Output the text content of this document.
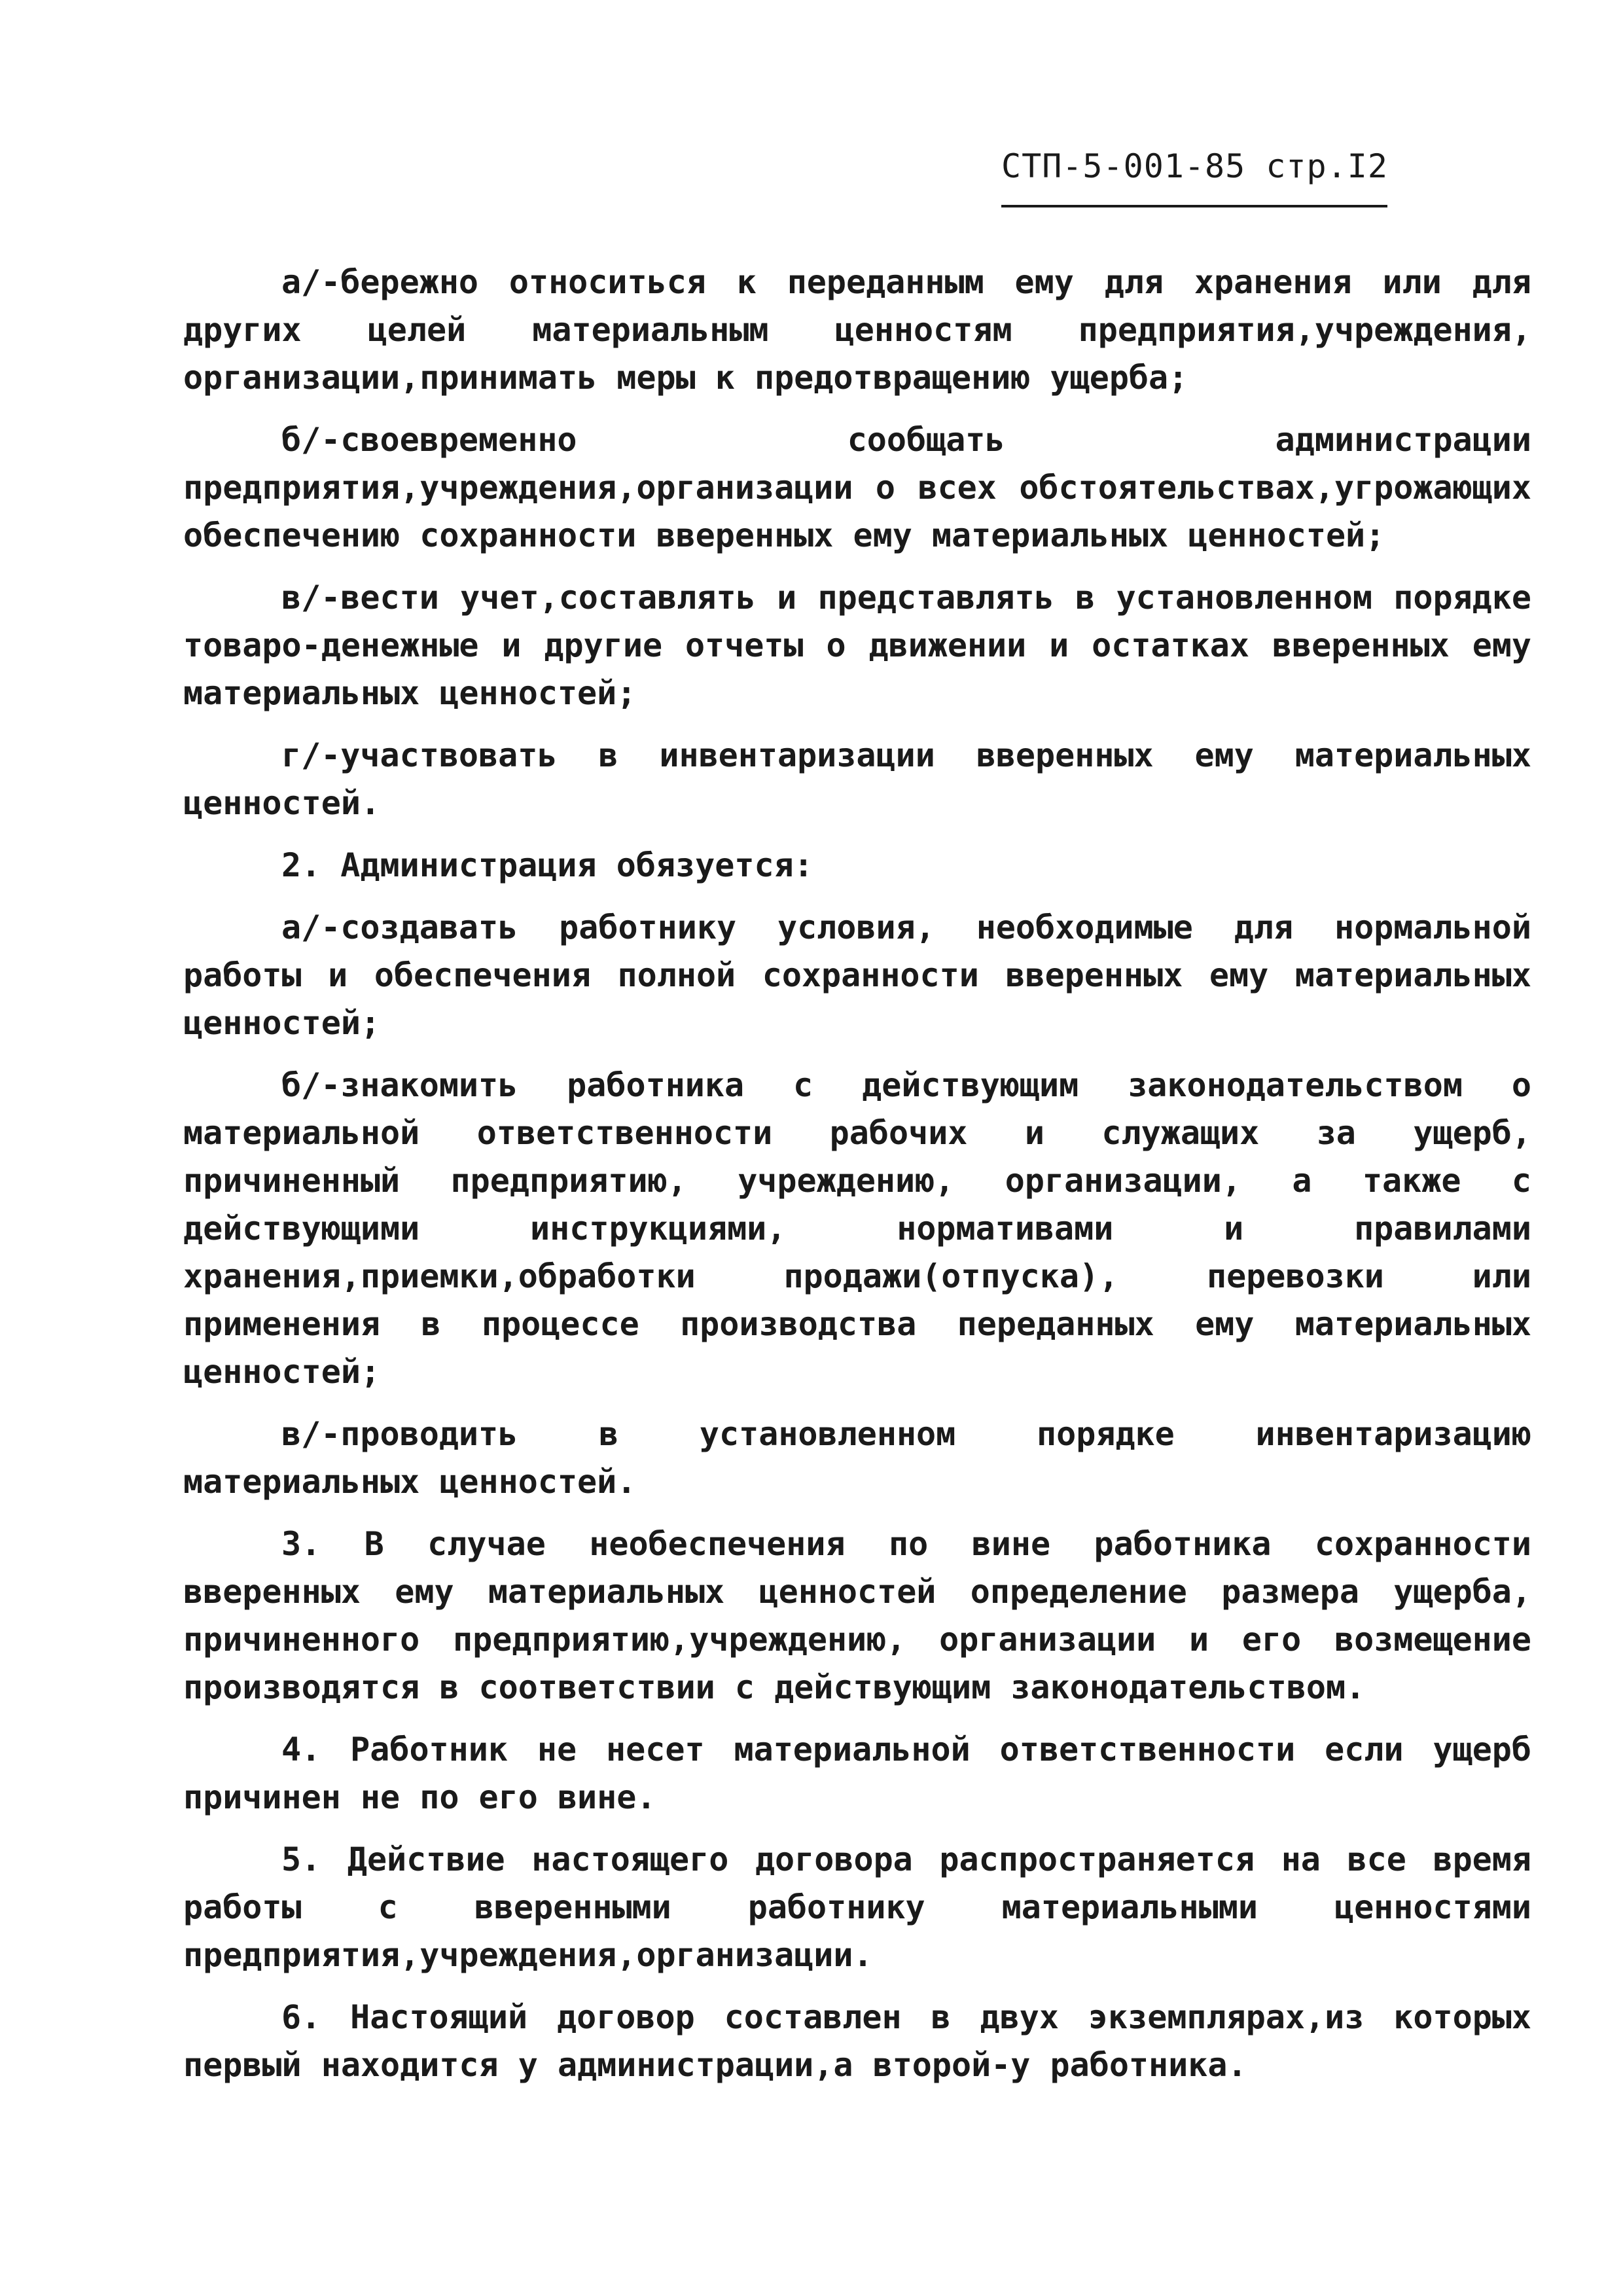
СТП-5-001-85 стр.I2

а/-бережно относиться к переданным ему для хранения или для других целей материальным ценностям предприятия,учреждения, организации,принимать меры к предотвращению ущерба;

б/-своевременно сообщать администрации предприятия,учреждения,организации о всех обстоятельствах,угрожающих обеспечению сохранности вверенных ему материальных ценностей;

в/-вести учет,составлять и представлять в установленном порядке товаро-денежные и другие отчеты о движении и остатках вверенных ему материальных ценностей;

г/-участвовать в инвентаризации вверенных ему материальных ценностей.

2. Администрация обязуется:

а/-создавать работнику условия, необходимые для нормальной работы и обеспечения полной сохранности вверенных ему материальных ценностей;

б/-знакомить работника с действующим законодательством о материальной ответственности рабочих и служащих за ущерб, причиненный предприятию, учреждению, организации, а также с действующими инструкциями, нормативами и правилами хранения,приемки,обработки продажи(отпуска), перевозки или применения в процессе производства переданных ему материальных ценностей;

в/-проводить в установленном порядке инвентаризацию материальных ценностей.

3. В случае необеспечения по вине работника сохранности вверенных ему материальных ценностей определение размера ущерба, причиненного предприятию,учреждению, организации и его возмещение производятся в соответствии с действующим законодательством.

4. Работник не несет материальной ответственности если ущерб причинен не по его вине.

5. Действие настоящего договора распространяется на все время работы с вверенными работнику материальными ценностями предприятия,учреждения,организации.

6. Настоящий договор составлен в двух экземплярах,из которых первый находится у администрации,а второй-у работника.
